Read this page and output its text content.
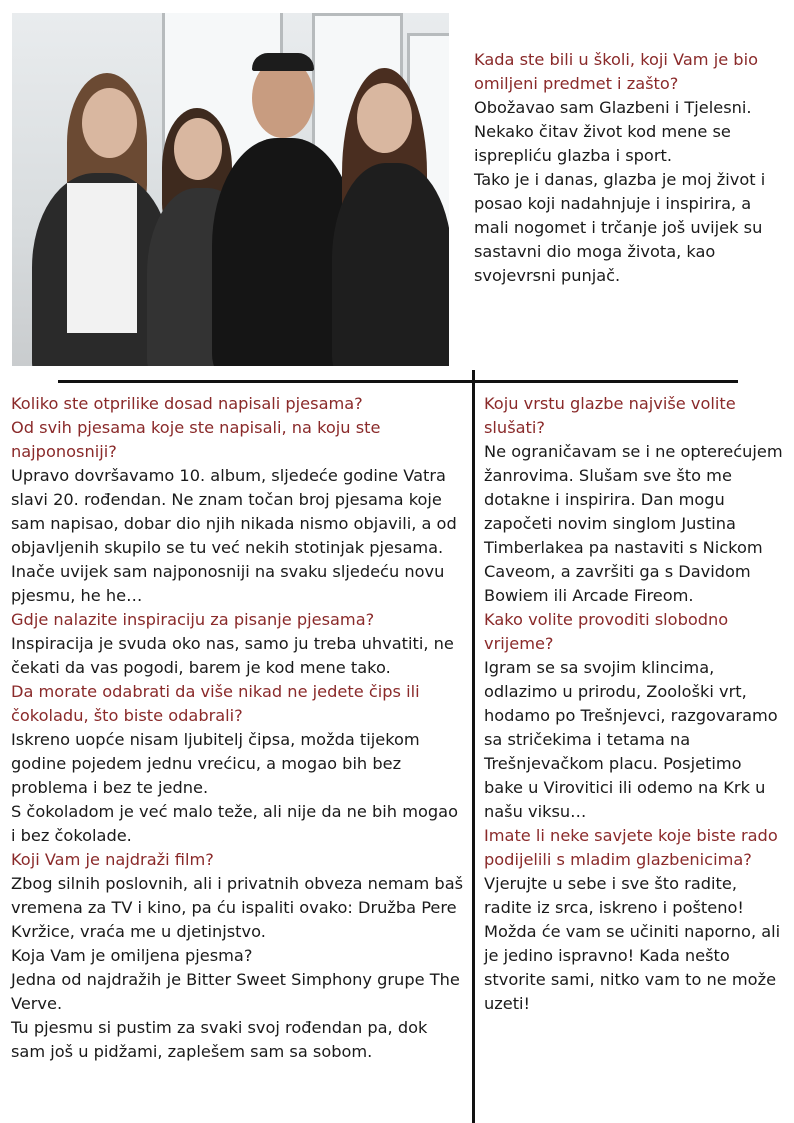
Kada ste bili u školi, koji Vam je bio omiljeni predmet i zašto?

Obožavao sam Glazbeni i Tjelesni.

Nekako čitav život kod mene se isprepliću glazba i sport.

Tako je i danas, glazba je moj život i posao koji nadahnjuje i inspirira, a mali nogomet i trčanje još uvijek su sastavni dio moga života, kao svojevrsni punjač.

Koliko ste otprilike dosad napisali pjesama?

Od svih pjesama koje ste napisali, na koju ste najponosniji?

Upravo dovršavamo 10. album, sljedeće godine Vatra slavi 20. rođendan. Ne znam točan broj pjesama koje sam napisao, dobar dio njih nikada nismo objavili, a od objavljenih skupilo se tu već nekih stotinjak pjesama.

Inače uvijek sam najponosniji na svaku sljedeću novu pjesmu, he he…

Gdje nalazite inspiraciju za pisanje pjesama?

Inspiracija je svuda oko nas, samo ju treba uhvatiti, ne čekati da vas pogodi, barem je kod mene tako.

Da morate odabrati da više nikad ne jedete čips ili čokoladu, što biste odabrali?

Iskreno uopće nisam ljubitelj čipsa, možda tijekom godine pojedem jednu vrećicu, a mogao bih bez problema i bez te jedne.

S čokoladom je već malo teže, ali nije da ne bih mogao i bez čokolade.

Koji Vam je najdraži film?

Zbog silnih poslovnih, ali i privatnih obveza nemam baš vremena za TV i kino, pa ću ispaliti ovako: Družba Pere Kvržice, vraća me u djetinjstvo.

Koja Vam je omiljena pjesma?

Jedna od najdražih je Bitter Sweet Simphony grupe The Verve.

Tu pjesmu si pustim za svaki svoj rođendan pa, dok sam još u pidžami, zaplešem sam sa sobom.

Koju vrstu glazbe najviše volite slušati?

Ne ograničavam se i ne opterećujem žanrovima. Slušam sve što me dotakne i inspirira. Dan mogu započeti novim singlom Justina Timberlakea pa nastaviti s Nickom Caveom, a završiti ga s Davidom Bowiem ili Arcade Fireom.

Kako volite provoditi slobodno vrijeme?

Igram se sa svojim klincima, odlazimo u prirodu, Zoološki vrt, hodamo po Trešnjevci, razgovaramo sa stričekima i tetama na Trešnjevačkom placu. Posjetimo bake u Virovitici ili odemo na Krk u našu viksu…

Imate li neke savjete koje biste rado podijelili s mladim glazbenicima?

Vjerujte u sebe i sve što radite, radite iz srca, iskreno i pošteno! Možda će vam se učiniti naporno, ali je jedino ispravno! Kada nešto stvorite sami, nitko vam to ne može uzeti!
